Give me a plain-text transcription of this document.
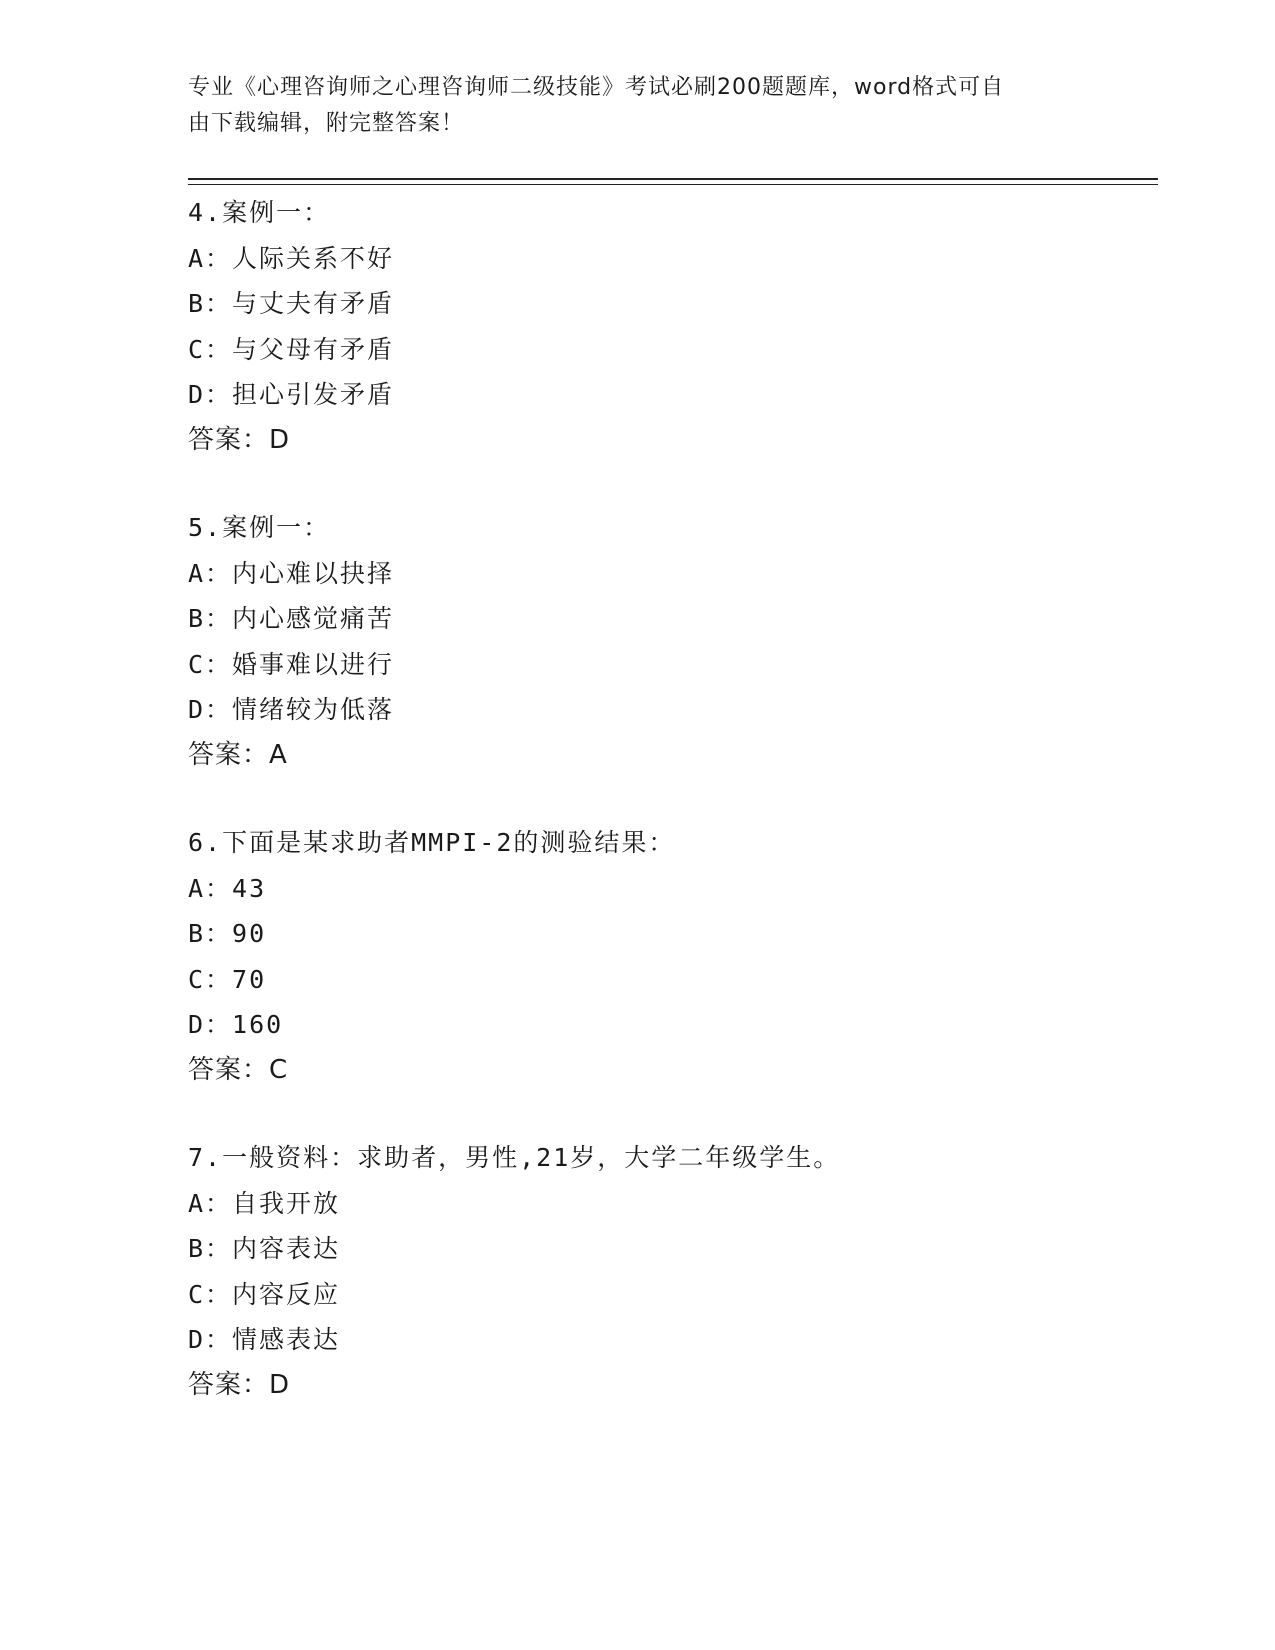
专业《心理咨询师之心理咨询师二级技能》考试必刷200题题库，word格式可自
由下载编辑，附完整答案！
4.案例一：
A：人际关系不好
B：与丈夫有矛盾
C：与父母有矛盾
D：担心引发矛盾
答案：D
5.案例一：
A：内心难以抉择
B：内心感觉痛苦
C：婚事难以进行
D：情绪较为低落
答案：A
6.下面是某求助者MMPI-2的测验结果：
A：43
B：90
C：70
D：160
答案：C
7.一般资料：求助者，男性,21岁，大学二年级学生。
A：自我开放
B：内容表达
C：内容反应
D：情感表达
答案：D
